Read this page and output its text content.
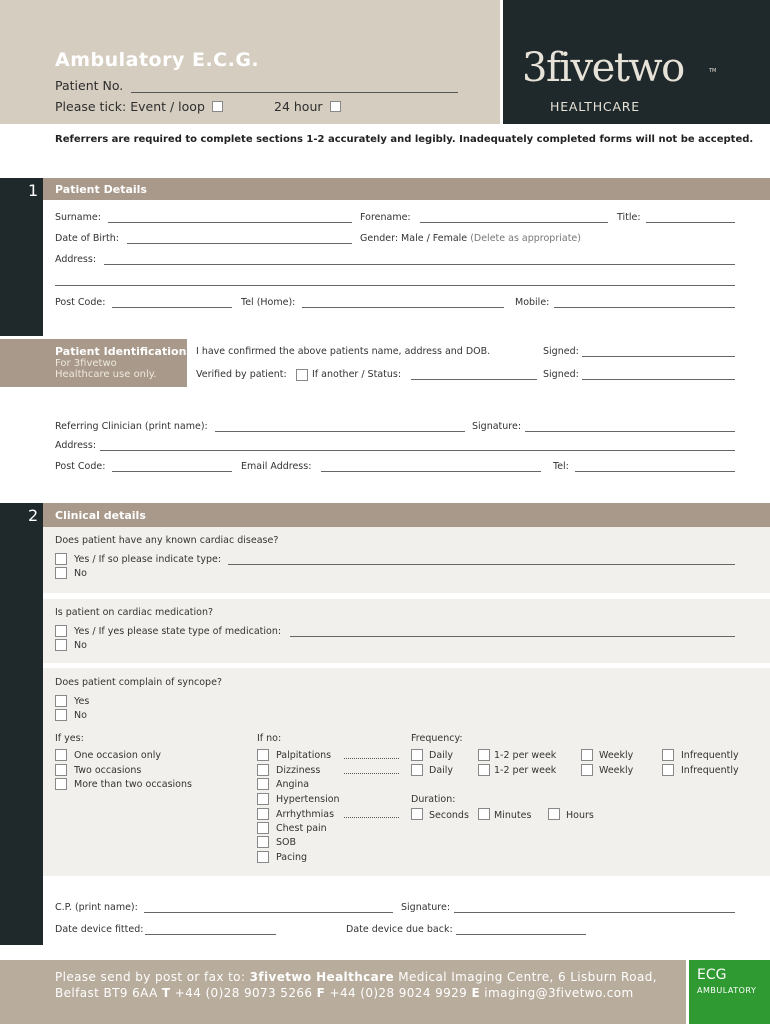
Ambulatory E.C.G.
Patient No.
Please tick: Event / loop	24 hour
3fivetwo	TM
HEALTHCARE
Referrers are required to complete sections 1-2 accurately and legibly. Inadequately completed forms will not be accepted.
1 Patient Details
Surname:	Forename:	Title:
Date of Birth:	Gender: Male / Female (Delete as appropriate)
Address:
Post Code:	Tel (Home):	Mobile:
Patient Identification:
For 3fivetwo
Healthcare use only.
I have confirmed the above patients name, address and DOB.	Signed:
Verified by patient:	If another / Status:	Signed:
Referring Clinician (print name):	Signature:
Address:
Post Code:	Email Address:	Tel:
2 Clinical details
Does patient have any known cardiac disease?
Yes / If so please indicate type:
No
Is patient on cardiac medication?
Yes / If yes please state type of medication:
No
Does patient complain of syncope?
Yes
No
If yes:
One occasion only
Two occasions
More than two occasions
If no:
Palpitations
Dizziness
Angina
Hypertension
Arrhythmias
Chest pain
SOB
Pacing
Frequency:
Daily	1-2 per week	Weekly	Infrequently
Daily	1-2 per week	Weekly	Infrequently
Duration:
Seconds	Minutes	Hours
C.P. (print name):	Signature:
Date device fitted:	Date device due back:
Please send by post or fax to: 3fivetwo Healthcare Medical Imaging Centre, 6 Lisburn Road,
Belfast BT9 6AA T +44 (0)28 9073 5266 F +44 (0)28 9024 9929 E imaging@3fivetwo.com
ECG
AMBULATORY
